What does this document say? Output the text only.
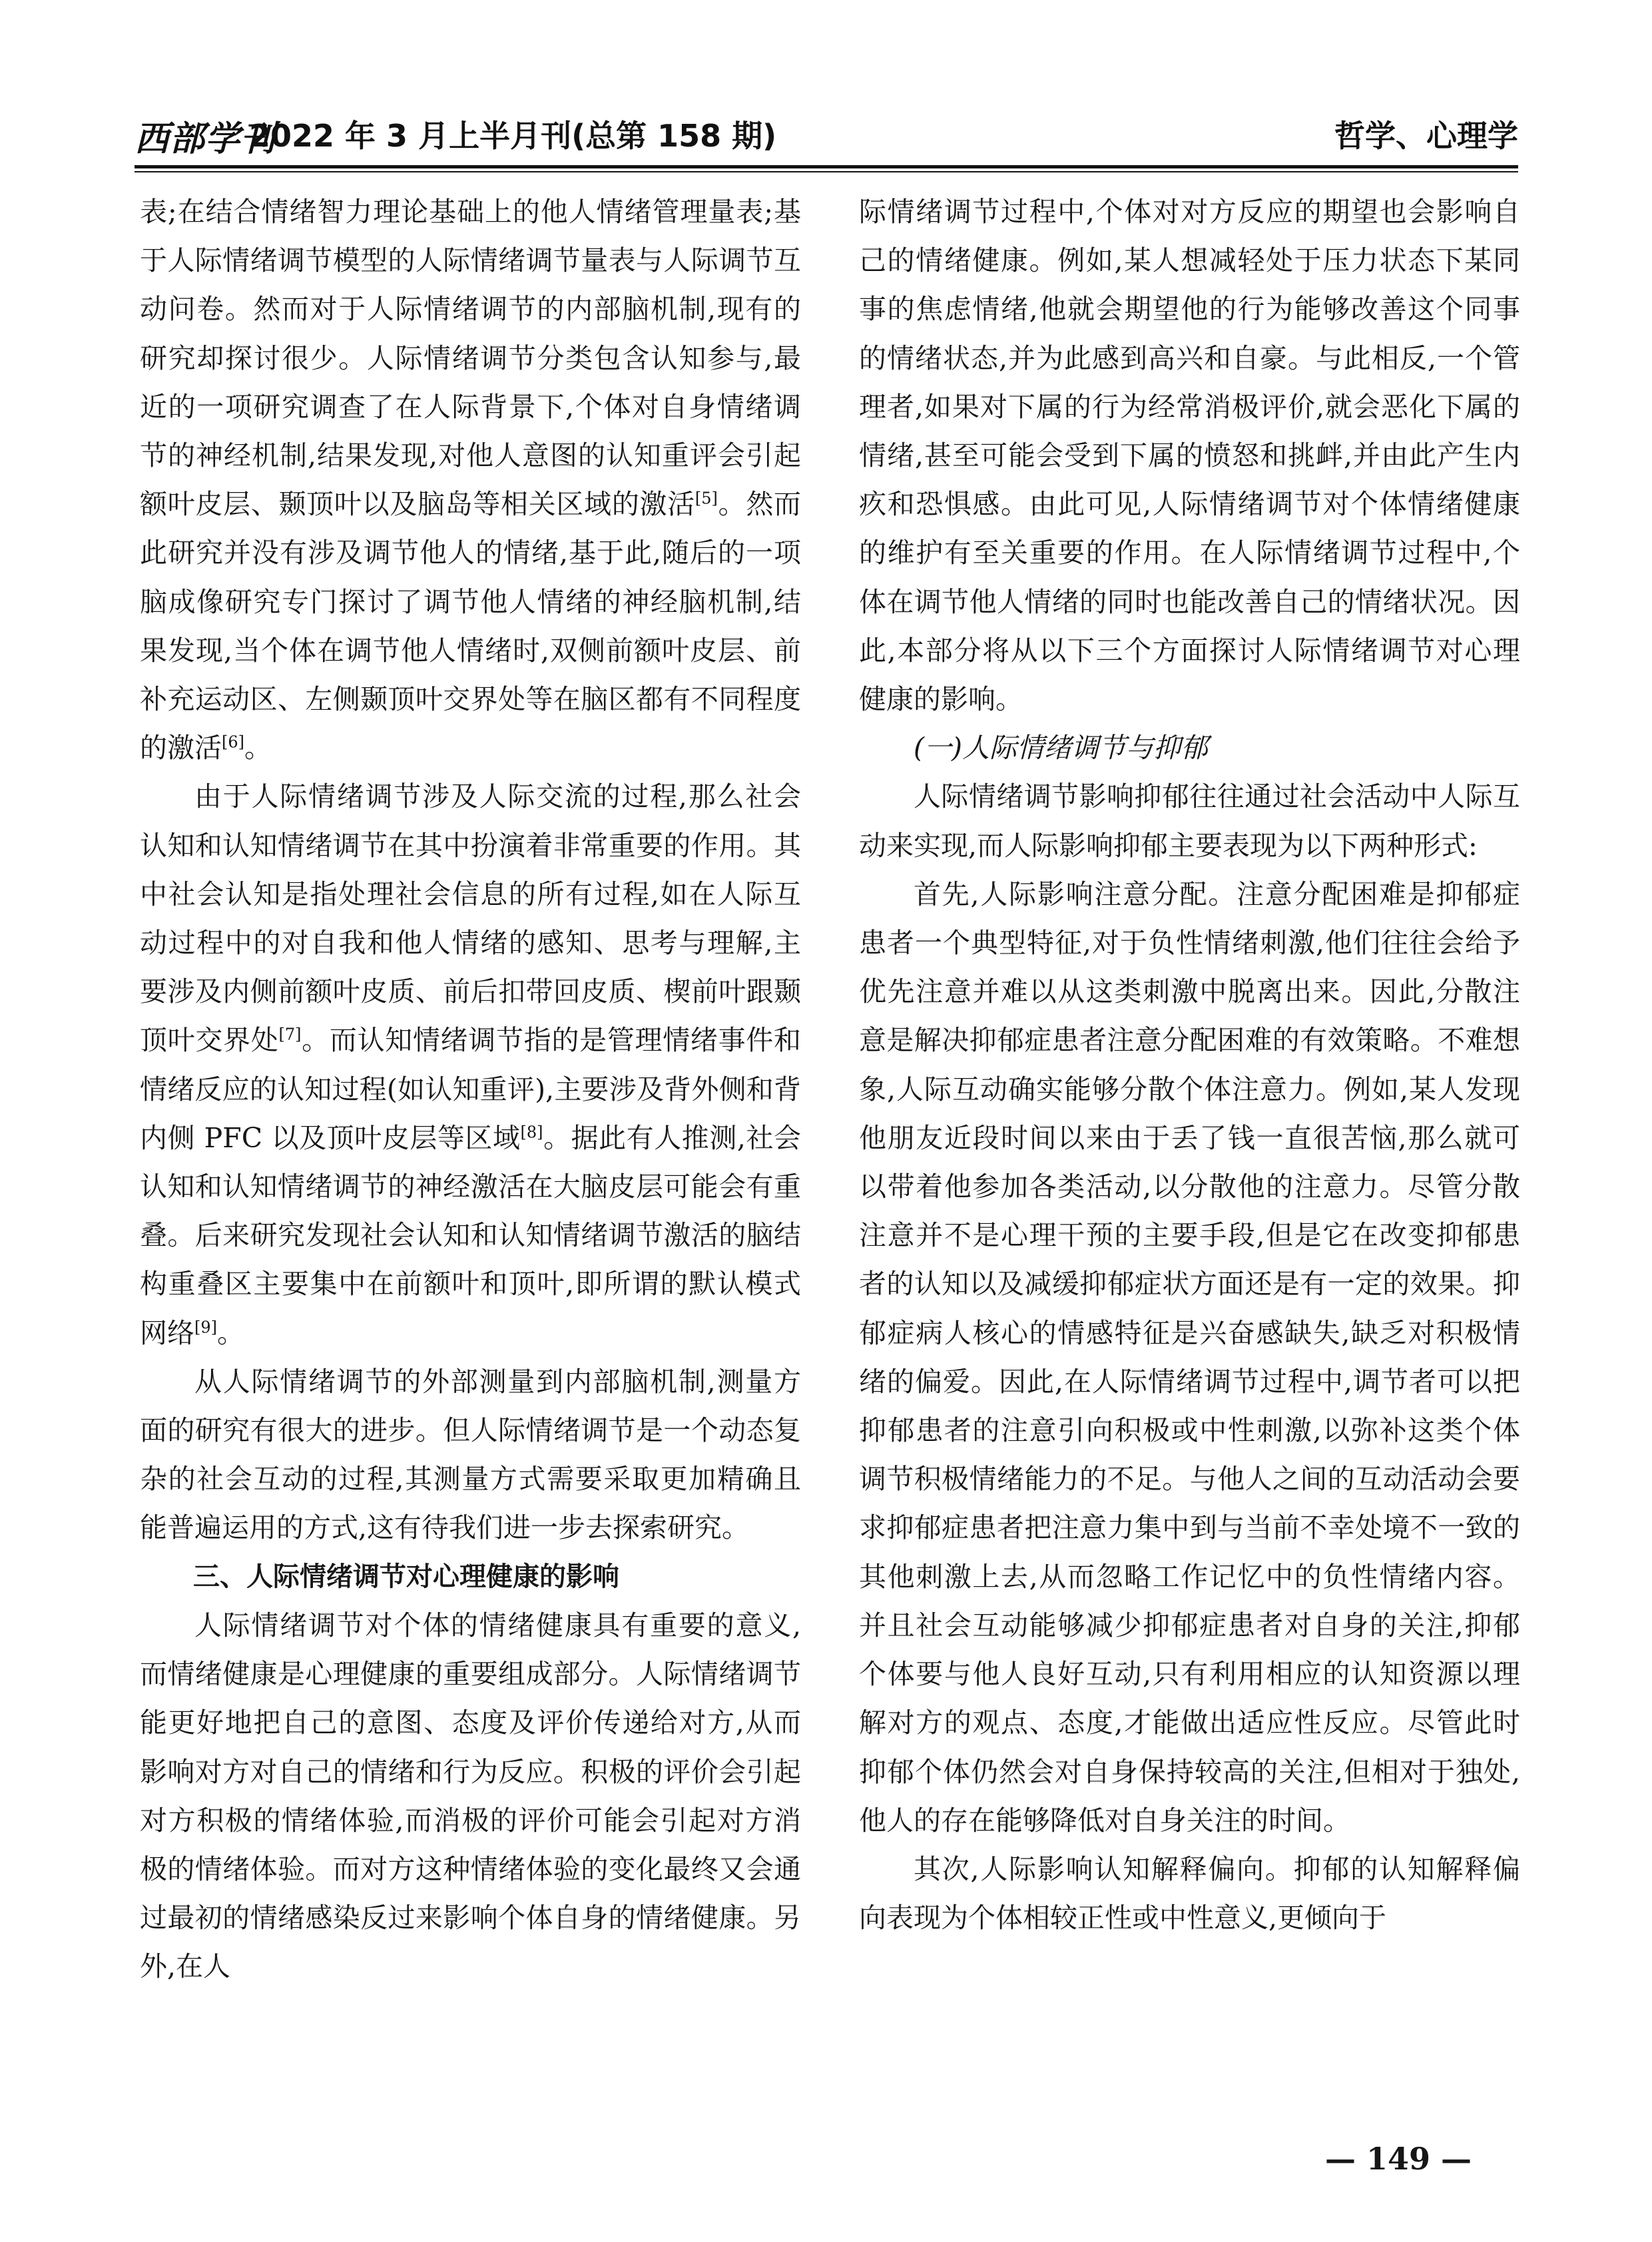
西部学刊
2022 年 3 月上半月刊(总第 158 期)	哲学、心理学

表;在结合情绪智力理论基础上的他人情绪管理量表;基于人际情绪调节模型的人际情绪调节量表与人际调节互动问卷。然而对于人际情绪调节的内部脑机制,现有的研究却探讨很少。人际情绪调节分类包含认知参与,最近的一项研究调查了在人际背景下,个体对自身情绪调节的神经机制,结果发现,对他人意图的认知重评会引起额叶皮层、颞顶叶以及脑岛等相关区域的激活[5]。然而此研究并没有涉及调节他人的情绪,基于此,随后的一项脑成像研究专门探讨了调节他人情绪的神经脑机制,结果发现,当个体在调节他人情绪时,双侧前额叶皮层、前补充运动区、左侧颞顶叶交界处等在脑区都有不同程度的激活[6]。

由于人际情绪调节涉及人际交流的过程,那么社会认知和认知情绪调节在其中扮演着非常重要的作用。其中社会认知是指处理社会信息的所有过程,如在人际互动过程中的对自我和他人情绪的感知、思考与理解,主要涉及内侧前额叶皮质、前后扣带回皮质、楔前叶跟颞顶叶交界处[7]。而认知情绪调节指的是管理情绪事件和情绪反应的认知过程(如认知重评),主要涉及背外侧和背内侧 PFC 以及顶叶皮层等区域[8]。据此有人推测,社会认知和认知情绪调节的神经激活在大脑皮层可能会有重叠。后来研究发现社会认知和认知情绪调节激活的脑结构重叠区主要集中在前额叶和顶叶,即所谓的默认模式网络[9]。

从人际情绪调节的外部测量到内部脑机制,测量方面的研究有很大的进步。但人际情绪调节是一个动态复杂的社会互动的过程,其测量方式需要采取更加精确且能普遍运用的方式,这有待我们进一步去探索研究。

三、人际情绪调节对心理健康的影响

人际情绪调节对个体的情绪健康具有重要的意义,而情绪健康是心理健康的重要组成部分。人际情绪调节能更好地把自己的意图、态度及评价传递给对方,从而影响对方对自己的情绪和行为反应。积极的评价会引起对方积极的情绪体验,而消极的评价可能会引起对方消极的情绪体验。而对方这种情绪体验的变化最终又会通过最初的情绪感染反过来影响个体自身的情绪健康。另外,在人

际情绪调节过程中,个体对对方反应的期望也会影响自己的情绪健康。例如,某人想减轻处于压力状态下某同事的焦虑情绪,他就会期望他的行为能够改善这个同事的情绪状态,并为此感到高兴和自豪。与此相反,一个管理者,如果对下属的行为经常消极评价,就会恶化下属的情绪,甚至可能会受到下属的愤怒和挑衅,并由此产生内疚和恐惧感。由此可见,人际情绪调节对个体情绪健康的维护有至关重要的作用。在人际情绪调节过程中,个体在调节他人情绪的同时也能改善自己的情绪状况。因此,本部分将从以下三个方面探讨人际情绪调节对心理健康的影响。

(一)人际情绪调节与抑郁

人际情绪调节影响抑郁往往通过社会活动中人际互动来实现,而人际影响抑郁主要表现为以下两种形式:

首先,人际影响注意分配。注意分配困难是抑郁症患者一个典型特征,对于负性情绪刺激,他们往往会给予优先注意并难以从这类刺激中脱离出来。因此,分散注意是解决抑郁症患者注意分配困难的有效策略。不难想象,人际互动确实能够分散个体注意力。例如,某人发现他朋友近段时间以来由于丢了钱一直很苦恼,那么就可以带着他参加各类活动,以分散他的注意力。尽管分散注意并不是心理干预的主要手段,但是它在改变抑郁患者的认知以及减缓抑郁症状方面还是有一定的效果。抑郁症病人核心的情感特征是兴奋感缺失,缺乏对积极情绪的偏爱。因此,在人际情绪调节过程中,调节者可以把抑郁患者的注意引向积极或中性刺激,以弥补这类个体调节积极情绪能力的不足。与他人之间的互动活动会要求抑郁症患者把注意力集中到与当前不幸处境不一致的其他刺激上去,从而忽略工作记忆中的负性情绪内容。并且社会互动能够减少抑郁症患者对自身的关注,抑郁个体要与他人良好互动,只有利用相应的认知资源以理解对方的观点、态度,才能做出适应性反应。尽管此时抑郁个体仍然会对自身保持较高的关注,但相对于独处,他人的存在能够降低对自身关注的时间。

其次,人际影响认知解释偏向。抑郁的认知解释偏向表现为个体相较正性或中性意义,更倾向于

— 149 —
